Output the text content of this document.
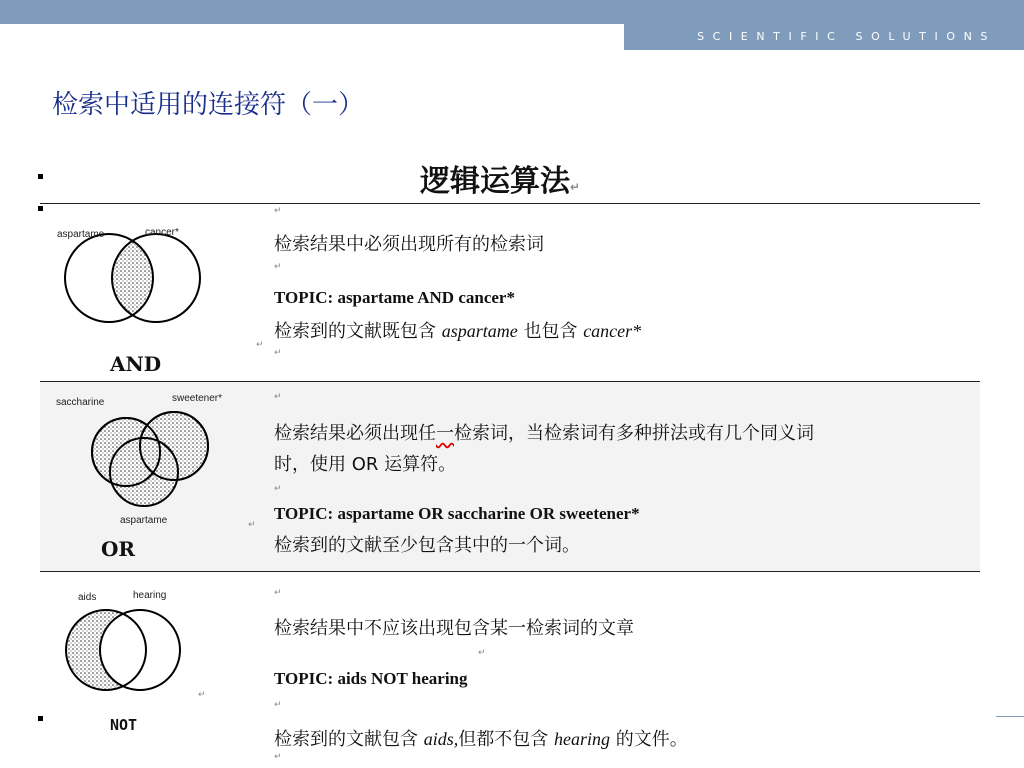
SCIENTIFIC SOLUTIONS
检索中适用的连接符（一）
逻辑运算法↵
aspartame	cancer*
AND
检索结果中必须出现所有的检索词
TOPIC: aspartame AND cancer*
检索到的文献既包含 aspartame 也包含 cancer*
saccharine	sweetener*
aspartame
OR
检索结果必须出现任一检索词，当检索词有多种拼法或有几个同义词
时，使用 OR 运算符。
TOPIC: aspartame OR saccharine OR sweetener*
检索到的文献至少包含其中的一个词。
aids	hearing
NOT
检索结果中不应该出现包含某一检索词的文章
TOPIC: aids NOT hearing
检索到的文献包含 aids,但都不包含 hearing 的文件。
↵
↵
↵
↵
↵
↵
↵
↵
↵
↵
↵
↵
